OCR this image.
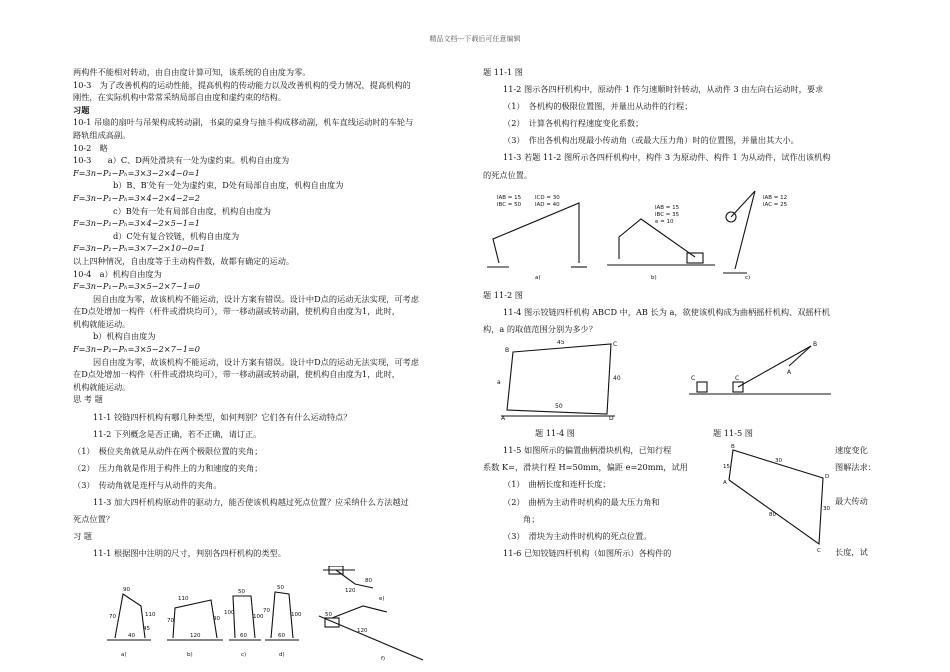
精品文档---下载后可任意编辑
两构件不能相对转动，由自由度计算可知，该系统的自由度为零。
10-3　为了改善机构的运动性能，提高机构的传动能力以及改善机构的受力情况，提高机构的
刚性，在实际机构中常常采纳局部自由度和虚约束的结构。
习题
10-1 吊扇的扇叶与吊架构成转动副，书桌的桌身与抽斗构成移动副，机车直线运动时的车轮与
路轨组成高副。
10-2　略
10-3　　a）C、D两处滑块有一处为虚约束。机构自由度为
F=3n−P₁−Pₕ=3×3−2×4−0=1
b）B、B′处有一处为虚约束，D处有局部自由度，机构自由度为
F=3n−P₁−Pₕ=3×4−2×4−2=2
c）B处有一处有局部自由度，机构自由度为
F=3n−P₁−Pₕ=3×4−2×5−1=1
d）C处有复合铰链，机构自由度为
F=3n−P₁−Pₕ=3×7−2×10−0=1
以上四种情况，自由度等于主动构件数，故都有确定的运动。
10-4　a）机构自由度为
F=3n−P₁−Pₕ=3×5−2×7−1=0
因自由度为零，故该机构不能运动，设计方案有错误。设计中D点的运动无法实现，可考虑
在D点处增加一构件（杆件或滑块均可），带一移动副或转动副，使机构自由度为1，此时，
机构就能运动。
b）机构自由度为
F=3n−P₁−Pₕ=3×5−2×7−1=0
因自由度为零，故该机构不能运动，设计方案有错误。设计中D点的运动无法实现，可考虑
在D点处增加一构件（杆件或滑块均可），带一移动副或转动副，使机构自由度为1，此时，
机构就能运动。
思 考 题
11-1 铰链四杆机构有哪几种类型，如何判别？它们各有什么运动特点？
11-2 下列概念是否正确，若不正确，请订正。
（1）　极位夹角就是从动件在两个极限位置的夹角；
（2）　压力角就是作用于构件上的力和速度的夹角；
（3）　传动角就是连杆与从动件的夹角。
11-3 加大四杆机构原动件的驱动力，能否使该机构越过死点位置？应采纳什么方法越过
死点位置？
习 题
11-1 根据图中注明的尺寸，判别各四杆机构的类型。
90
70	110
40
45
110
70	90
120
50
100
100
60
50
70
100
60
120
80
50
120
a)	b)	c)	d)
e)
f)
题 11-1 图
11-2 图示各四杆机构中，原动件 1 作匀速顺时针转动，从动件 3 由左向右运动时，要求
（1）　各机构的极限位置图，并量出从动件的行程；
（2）　计算各机构行程速度变化系数；
（3）　作出各机构出现最小传动角（或最大压力角）时的位置图，并量出其大小。
11-3 若题 11-2 图所示各四杆机构中，构件 3 为原动件、构件 1 为从动件，试作出该机构
的死点位置。
lAB = 15
lBC = 50
lCD = 30
lAD = 40	lAB = 15
lBC = 35
e = 10
lAB = 12
lAC = 25
a)	b)	c)
题 11-2 图
11-4 图示铰链四杆机构 ABCD 中，AB 长为 a，欲使该机构成为曲柄摇杆机构、双摇杆机
构，a 的取值范围分别为多少？
45
a
40
50
A
B
C
D
C	C
A
B
题 11-4 图	题 11-5 图
11-5 如图所示的偏置曲柄滑块机构，已知行程
系数 K=，滑块行程 H=50mm，偏距 e=20mm，试用
（1）　曲柄长度和连杆长度；
（2）　曲柄为主动件时机构的最大压力角和
角；
（3）　滑块为主动件时机构的死点位置。
11-6 已知铰链四杆机构（如图所示）各构件的
速度变化
图解法求：
最大传动
长度，试
15
30
30
80
A
B
C
D
